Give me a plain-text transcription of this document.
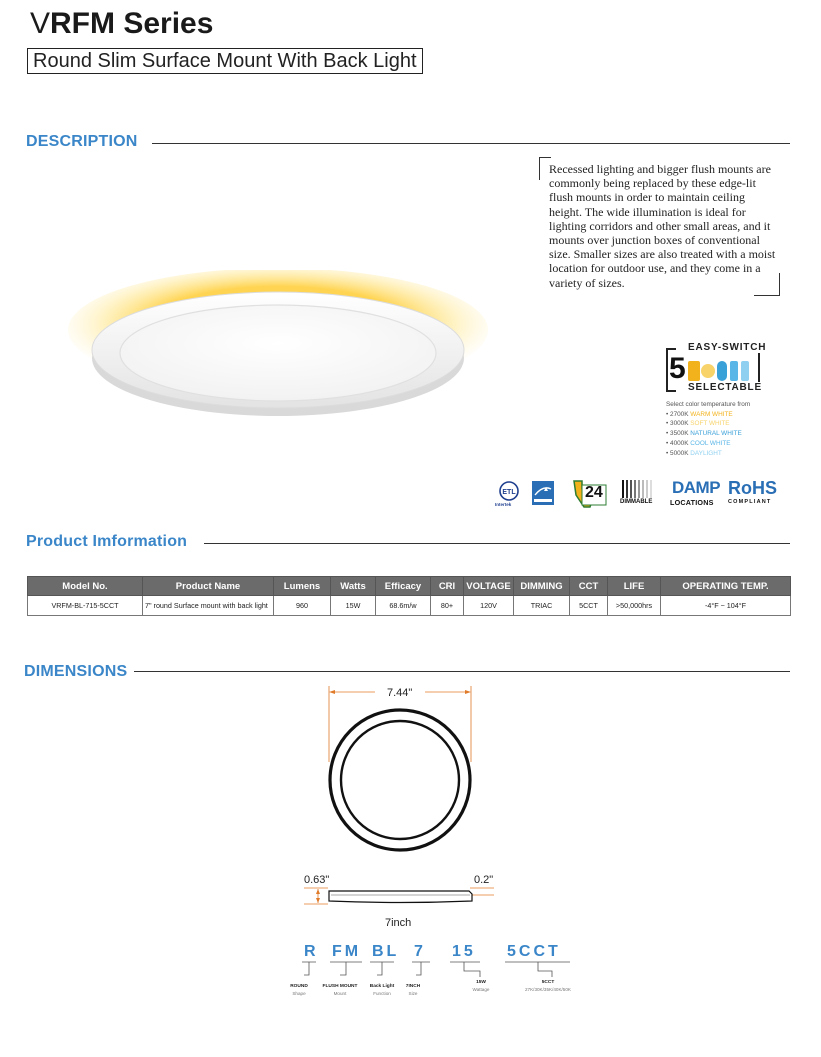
VRFM Series
Round Slim Surface Mount With Back Light
DESCRIPTION
Recessed lighting and bigger flush mounts are commonly being replaced by these edge-lit flush mounts in order to maintain ceiling height. The wide illumination is ideal for lighting corridors and other small areas, and it mounts over junction boxes of conventional size. Smaller sizes are also treated with a moist location for outdoor use, and they come in a variety of sizes.
5
EASY-SWITCH
SELECTABLE
Select color temperature from
• 2700K WARM WHITE
• 3000K SOFT WHITE
• 3500K NATURAL WHITE
• 4000K COOL WHITE
• 5000K DAYLIGHT
ETL
Intertek
24
DIMMABLE
DAMP
LOCATIONS
RoHS
COMPLIANT
Product Imformation
Model No.	Product Name	Lumens	Watts	Efficacy	CRI	VOLTAGE	DIMMING	CCT	LIFE	OPERATING TEMP.
VRFM-BL-715-5CCT	7" round Surface mount with back light	960	15W	68.6m/w	80+	120V	TRIAC	5CCT	>50,000hrs	-4°F ~ 104°F
DIMENSIONS
7.44"
0.63"	0.2"
7inch
R FM BL 7 15 5CCT
ROUND
Shape
FLUSH MOUNT
Mount
Back Light
Function
7INCH
Size
15W
Wattage
5CCT
27K/30K/35K/40K/50K
